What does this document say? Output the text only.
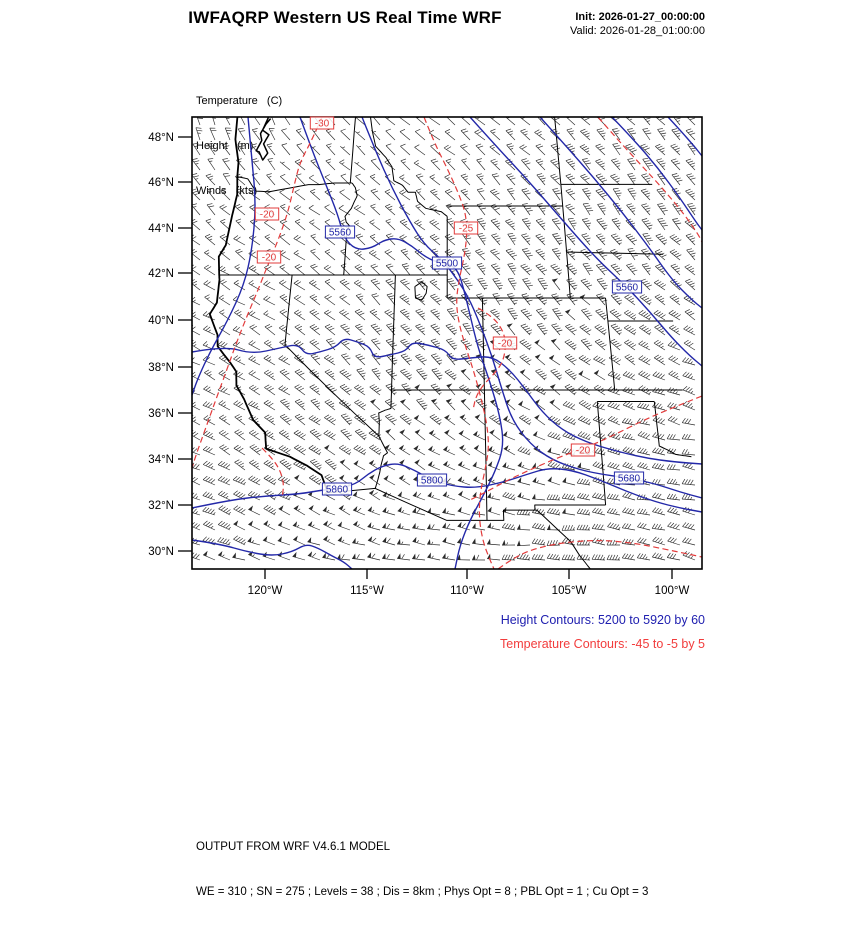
IWFAQRP Western US Real Time WRF	Init: 2026-01-27_00:00:00
Valid: 2026-01-28_01:00:00

Temperature   (C)

Height   (m)

Winds   (kts)

48°N
46°N
44°N
42°N
40°N
38°N
36°N
34°N
32°N
30°N
120°W	115°W	110°W	105°W	100°W
5560
5500
5560
5860
5800	5680
-30
-20
-20
-25
-20
-20
Height Contours: 5200 to 5920 by 60
Temperature Contours: -45 to -5 by 5

OUTPUT FROM WRF V4.6.1 MODEL

WE = 310 ; SN = 275 ; Levels = 38 ; Dis = 8km ; Phys Opt = 8 ; PBL Opt = 1 ; Cu Opt = 3
